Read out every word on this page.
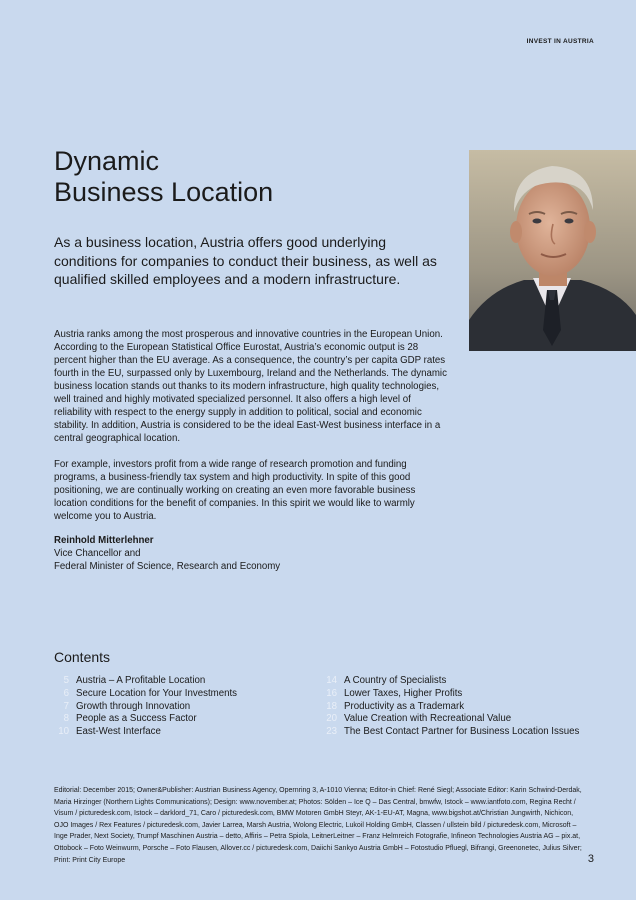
INVEST IN AUSTRIA
Dynamic
Business Location

As a business location, Austria offers good underlying conditions for companies to conduct their business, as well as qualified skilled employees and a modern infrastructure.

Austria ranks among the most prosperous and innovative countries in the European Union. According to the European Statistical Office Eurostat, Austria’s economic output is 28 percent higher than the EU average. As a consequence, the country’s per capita GDP rates fourth in the EU, surpassed only by Luxembourg, Ireland and the Netherlands. The dynamic business location stands out thanks to its modern infrastructure, high quality technologies, well trained and highly motivated specialized personnel. It also offers a high level of reliability with respect to the energy supply in addition to political, social and economic stability. In addition, Austria is considered to be the ideal East-West business interface in a central geographical location.

For example, investors profit from a wide range of research promotion and funding programs, a business-friendly tax system and high productivity. In spite of this good positioning, we are continually working on creating an even more favorable business location conditions for the benefit of companies. In this spirit we would like to warmly welcome you to Austria.

Reinhold Mitterlehner
Vice Chancellor and
Federal Minister of Science, Research and Economy
Contents
5 Austria – A Profitable Location
6 Secure Location for Your Investments
7 Growth through Innovation
8 People as a Success Factor
10 East-West Interface
14 A Country of Specialists
16 Lower Taxes, Higher Profits
18 Productivity as a Trademark
20 Value Creation with Recreational Value
23 The Best Contact Partner for Business Location Issues

Editorial: December 2015; Owner&Publisher: Austrian Business Agency, Opernring 3, A-1010 Vienna; Editor-in Chief: René Siegl; Associate Editor: Karin Schwind-Derdak, Maria Hirzinger (Northern Lights Communications); Design: www.november.at; Photos: Sölden – Ice Q – Das Central, bmwfw, Istock – www.iantfoto.com, Regina Recht / Visum / picturedesk.com, Istock – darklord_71, Caro / picturedesk.com, BMW Motoren GmbH Steyr, AK-1-EU-AT, Magna, www.bigshot.at/Christian Jungwirth, Nichicon, OJO Images / Rex Features / picturedesk.com, Javier Larrea, Marsh Austria, Wolong Electric, Lukoil Holding GmbH, Classen / ullstein bild / picturedesk.com, Microsoft – Inge Prader, Next Society, Trumpf Maschinen Austria – detto, Affiris – Petra Spiola, LeitnerLeitner – Franz Helmreich Fotografie, Infineon Technologies Austria AG – pix.at, Ottobock – Foto Weinwurm, Porsche – Foto Flausen, Allover.cc / picturedesk.com, Daiichi Sankyo Austria GmbH – Fotostudio Pfluegl, Bifrangi, Greenonetec, Julius Silver; Print: Print City Europe	3
